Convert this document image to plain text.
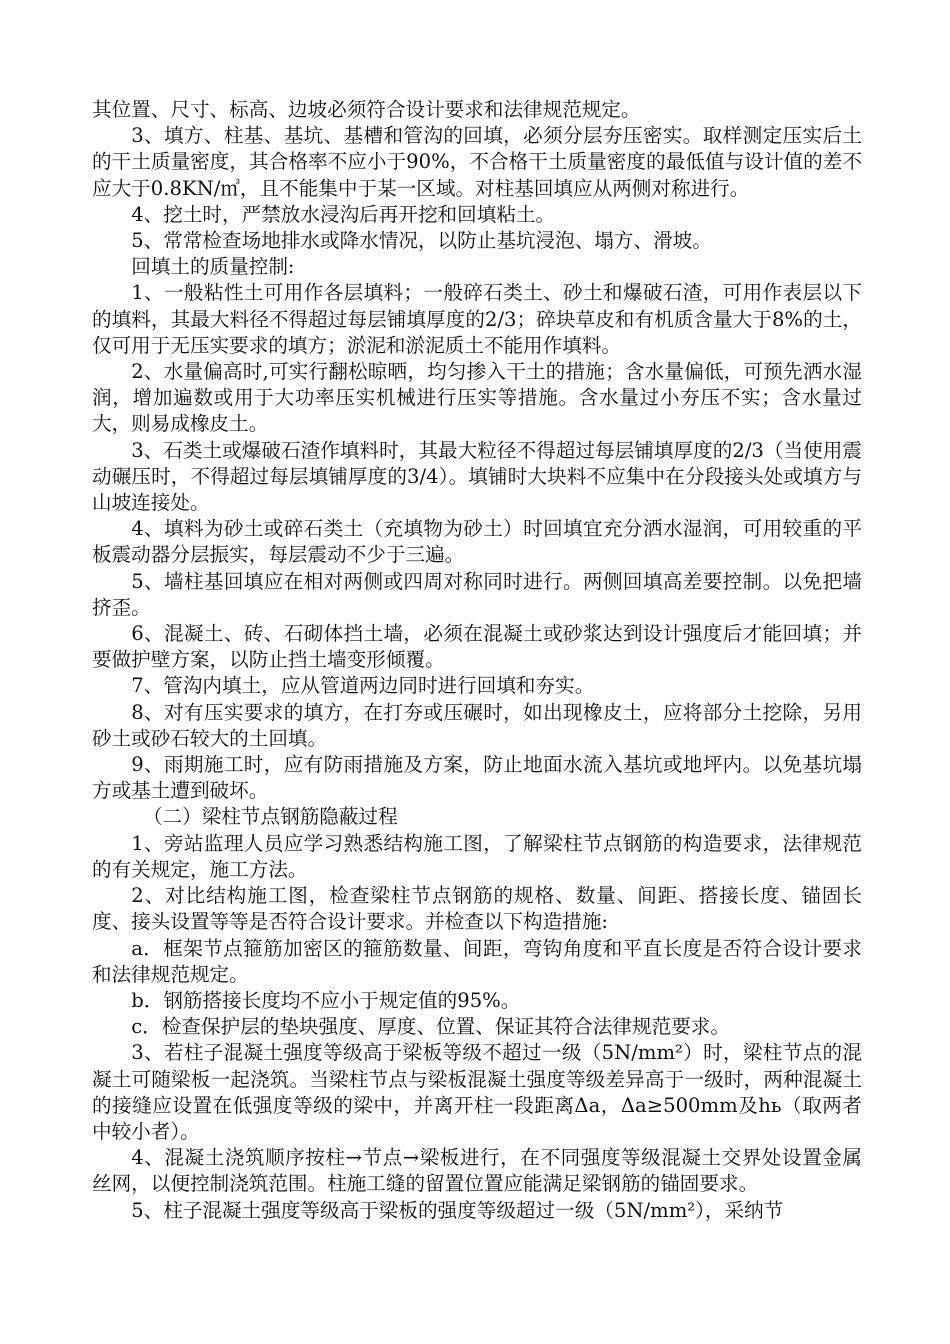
其位置、尺寸、标高、边坡必须符合设计要求和法律规范规定。

3、填方、柱基、基坑、基槽和管沟的回填，必须分层夯压密实。取样测定压实后土的干土质量密度，其合格率不应小于90%，不合格干土质量密度的最低值与设计值的差不应大于0.8KN/㎥，且不能集中于某一区域。对柱基回填应从两侧对称进行。

4、挖土时，严禁放水浸沟后再开挖和回填粘土。

5、常常检查场地排水或降水情况，以防止基坑浸泡、塌方、滑坡。

回填土的质量控制:

1、一般粘性土可用作各层填料；一般碎石类土、砂土和爆破石渣，可用作表层以下的填料，其最大料径不得超过每层铺填厚度的2/3；碎块草皮和有机质含量大于8%的土，仅可用于无压实要求的填方；淤泥和淤泥质土不能用作填料。

2、水量偏高时,可实行翻松晾晒，均匀掺入干土的措施；含水量偏低，可预先洒水湿润，增加遍数或用于大功率压实机械进行压实等措施。含水量过小夯压不实；含水量过大，则易成橡皮土。

3、石类土或爆破石渣作填料时，其最大粒径不得超过每层铺填厚度的2/3（当使用震动碾压时，不得超过每层填铺厚度的3/4）。填铺时大块料不应集中在分段接头处或填方与山坡连接处。

4、填料为砂土或碎石类土（充填物为砂土）时回填宜充分洒水湿润，可用较重的平板震动器分层振实，每层震动不少于三遍。

5、墙柱基回填应在相对两侧或四周对称同时进行。两侧回填高差要控制。以免把墙挤歪。

6、混凝土、砖、石砌体挡土墙，必须在混凝土或砂浆达到设计强度后才能回填；并要做护壁方案，以防止挡土墙变形倾覆。

7、管沟内填土，应从管道两边同时进行回填和夯实。

8、对有压实要求的填方，在打夯或压碾时，如出现橡皮土，应将部分土挖除，另用砂土或砂石较大的土回填。

9、雨期施工时，应有防雨措施及方案，防止地面水流入基坑或地坪内。以免基坑塌方或基土遭到破坏。

（二）梁柱节点钢筋隐蔽过程

1、旁站监理人员应学习熟悉结构施工图，了解梁柱节点钢筋的构造要求，法律规范的有关规定，施工方法。

2、对比结构施工图，检查梁柱节点钢筋的规格、数量、间距、搭接长度、锚固长度、接头设置等等是否符合设计要求。并检查以下构造措施:

a．框架节点箍筋加密区的箍筋数量、间距，弯钩角度和平直长度是否符合设计要求和法律规范规定。

b．钢筋搭接长度均不应小于规定值的95%。

c．检查保护层的垫块强度、厚度、位置、保证其符合法律规范要求。

3、若柱子混凝土强度等级高于梁板等级不超过一级（5N/mm²）时，梁柱节点的混凝土可随梁板一起浇筑。当梁柱节点与梁板混凝土强度等级差异高于一级时，两种混凝土的接缝应设置在低强度等级的梁中，并离开柱一段距离Δa，Δa≥500mm及hь（取两者中较小者）。

4、混凝土浇筑顺序按柱→节点→梁板进行，在不同强度等级混凝土交界处设置金属丝网，以便控制浇筑范围。柱施工缝的留置位置应能满足梁钢筋的锚固要求。

5、柱子混凝土强度等级高于梁板的强度等级超过一级（5N/mm²），采纳节
